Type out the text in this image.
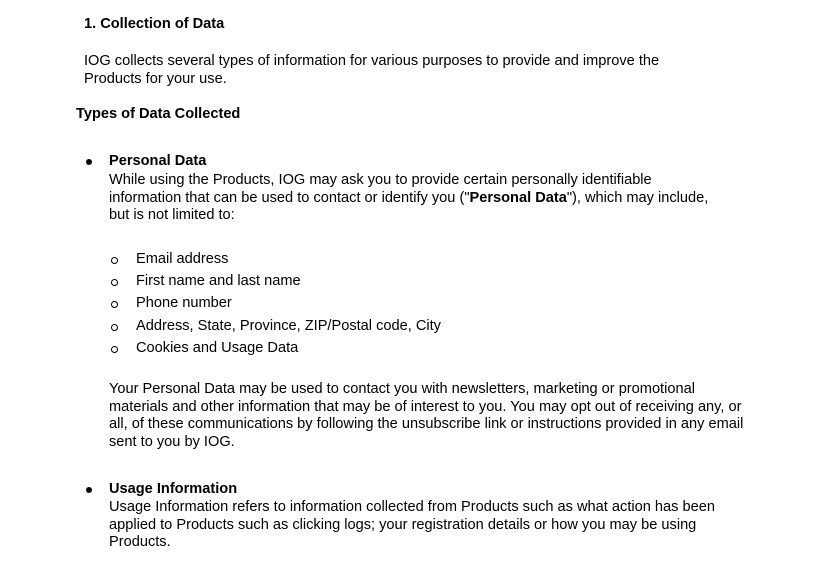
1. Collection of Data
IOG collects several types of information for various purposes to provide and improve the Products for your use.
Types of Data Collected
Personal Data
While using the Products, IOG may ask you to provide certain personally identifiable information that can be used to contact or identify you ("Personal Data"), which may include, but is not limited to:
Email address
First name and last name
Phone number
Address, State, Province, ZIP/Postal code, City
Cookies and Usage Data
Your Personal Data may be used to contact you with newsletters, marketing or promotional materials and other information that may be of interest to you. You may opt out of receiving any, or all, of these communications by following the unsubscribe link or instructions provided in any email sent to you by IOG.
Usage Information
Usage Information refers to information collected from Products such as what action has been applied to Products such as clicking logs; your registration details or how you may be using Products.
